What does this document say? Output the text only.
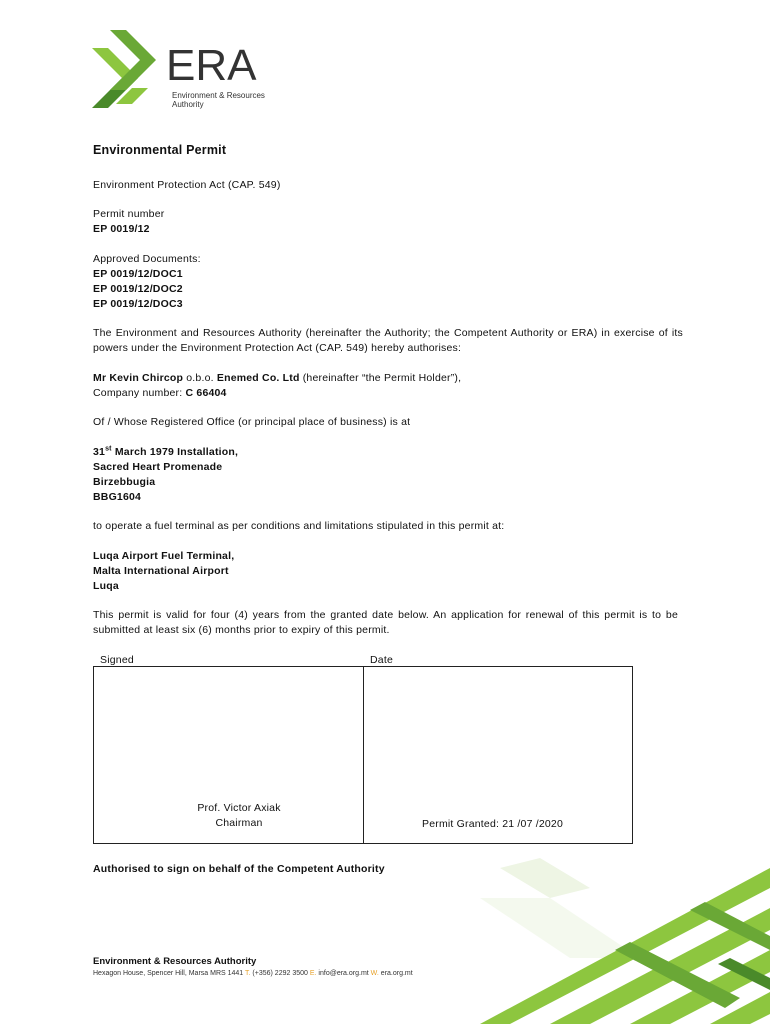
ERA
Environment & Resources
Authority
Environmental Permit
Environment Protection Act (CAP. 549)
Permit number
EP 0019/12
Approved Documents:
EP 0019/12/DOC1
EP 0019/12/DOC2
EP 0019/12/DOC3
The Environment and Resources Authority (hereinafter the Authority; the Competent Authority or ERA) in exercise of its powers under the Environment Protection Act (CAP. 549) hereby authorises:
Mr Kevin Chircop o.b.o. Enemed Co. Ltd (hereinafter “the Permit Holder”),
Company number: C 66404
Of / Whose Registered Office (or principal place of business) is at
31st March 1979 Installation,
Sacred Heart Promenade
Birzebbugia
BBG1604
to operate a fuel terminal as per conditions and limitations stipulated in this permit at:
Luqa Airport Fuel Terminal,
Malta International Airport
Luqa
This permit is valid for four (4) years from the granted date below. An application for renewal of this permit is to be submitted at least six (6) months prior to expiry of this permit.
Signed	Date
Prof. Victor Axiak
Chairman	Permit Granted: 21 /07 /2020
Authorised to sign on behalf of the Competent Authority
Environment & Resources Authority
Hexagon House, Spencer Hill, Marsa MRS 1441 T. (+356) 2292 3500 E. info@era.org.mt W. era.org.mt
